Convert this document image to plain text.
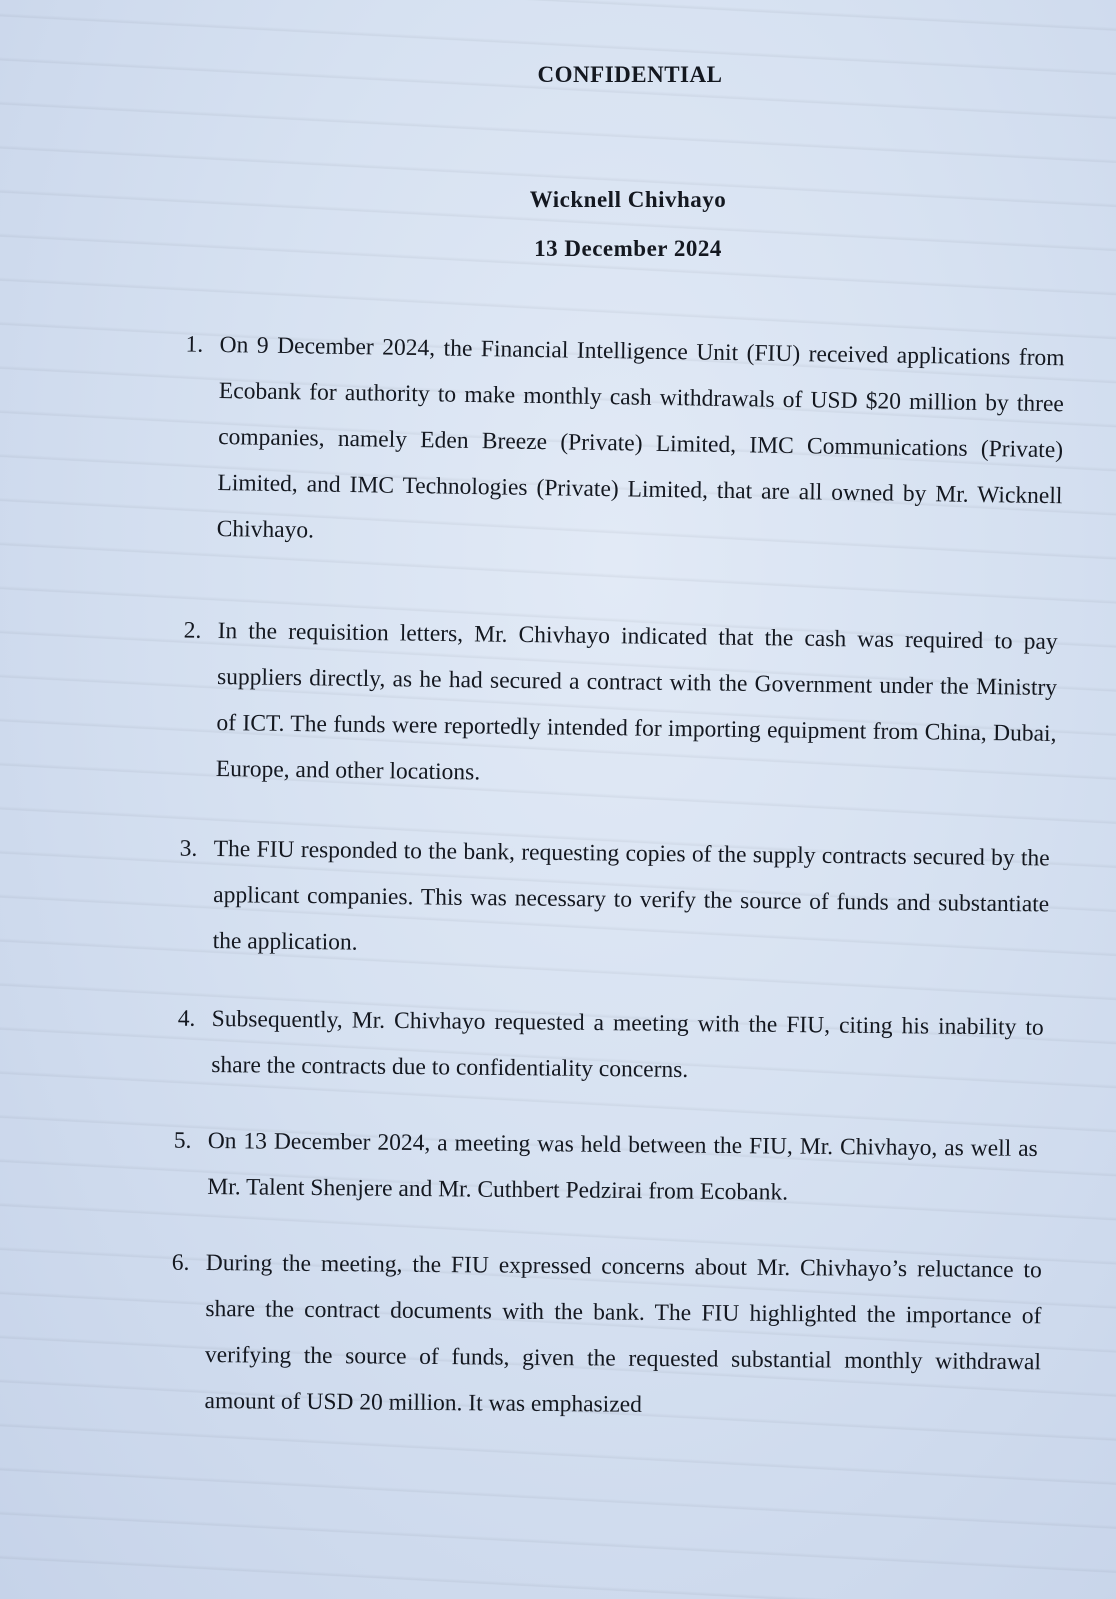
CONFIDENTIAL
Wicknell Chivhayo
13 December 2024
1. On 9 December 2024, the Financial Intelligence Unit (FIU) received applications from Ecobank for authority to make monthly cash withdrawals of USD $20 million by three companies, namely Eden Breeze (Private) Limited, IMC Communications (Private) Limited, and IMC Technologies (Private) Limited, that are all owned by Mr. Wicknell Chivhayo.
2. In the requisition letters, Mr. Chivhayo indicated that the cash was required to pay suppliers directly, as he had secured a contract with the Government under the Ministry of ICT. The funds were reportedly intended for importing equipment from China, Dubai, Europe, and other locations.
3. The FIU responded to the bank, requesting copies of the supply contracts secured by the applicant companies. This was necessary to verify the source of funds and substantiate the application.
4. Subsequently, Mr. Chivhayo requested a meeting with the FIU, citing his inability to share the contracts due to confidentiality concerns.
5. On 13 December 2024, a meeting was held between the FIU, Mr. Chivhayo, as well as Mr. Talent Shenjere and Mr. Cuthbert Pedzirai from Ecobank.
6. During the meeting, the FIU expressed concerns about Mr. Chivhayo’s reluctance to share the contract documents with the bank. The FIU highlighted the importance of verifying the source of funds, given the requested substantial monthly withdrawal amount of USD 20 million. It was emphasized
